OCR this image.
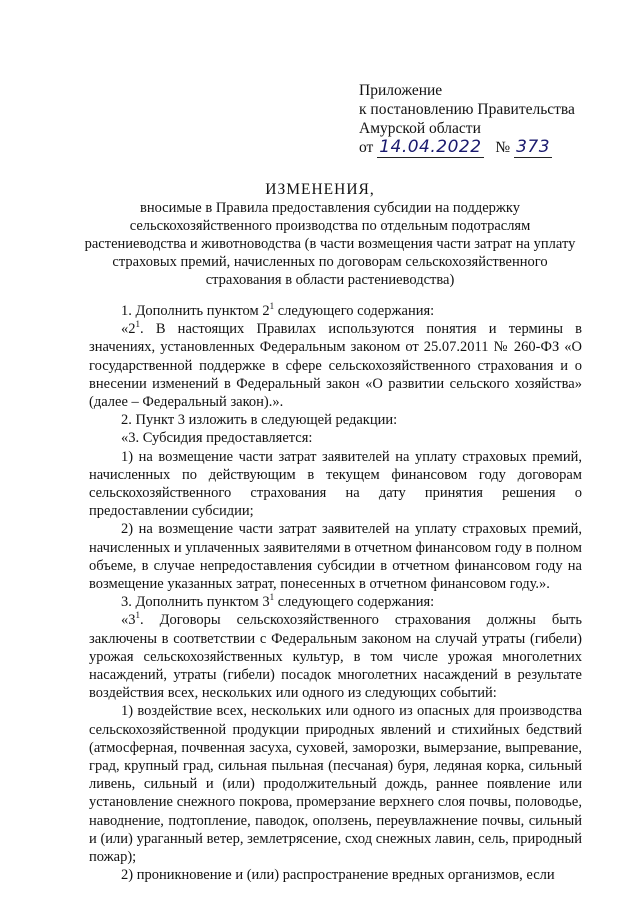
Приложение
к постановлению Правительства
Амурской области
от 14.04.2022 № 373
ИЗМЕНЕНИЯ,
вносимые в Правила предоставления субсидии на поддержку сельскохозяйственного производства по отдельным подотраслям растениеводства и животноводства (в части возмещения части затрат на уплату страховых премий, начисленных по договорам сельскохозяйственного страхования в области растениеводства)

1. Дополнить пунктом $2^1$ следующего содержания:

«$2^1$. В настоящих Правилах используются понятия и термины в значениях, установленных Федеральным законом от 25.07.2011 № 260-ФЗ «О государственной поддержке в сфере сельскохозяйственного страхования и о внесении изменений в Федеральный закон «О развитии сельского хозяйства» (далее – Федеральный закон).».

2. Пункт 3 изложить в следующей редакции:

«3. Субсидия предоставляется:

1) на возмещение части затрат заявителей на уплату страховых премий, начисленных по действующим в текущем финансовом году договорам сельскохозяйственного страхования на дату принятия решения о предоставлении субсидии;

2) на возмещение части затрат заявителей на уплату страховых премий, начисленных и уплаченных заявителями в отчетном финансовом году в полном объеме, в случае непредоставления субсидии в отчетном финансовом году на возмещение указанных затрат, понесенных в отчетном финансовом году.».

3. Дополнить пунктом $3^1$ следующего содержания:

«$3^1$. Договоры сельскохозяйственного страхования должны быть заключены в соответствии с Федеральным законом на случай утраты (гибели) урожая сельскохозяйственных культур, в том числе урожая многолетних насаждений, утраты (гибели) посадок многолетних насаждений в результате воздействия всех, нескольких или одного из следующих событий:

1) воздействие всех, нескольких или одного из опасных для производства сельскохозяйственной продукции природных явлений и стихийных бедствий (атмосферная, почвенная засуха, суховей, заморозки, вымерзание, выпревание, град, крупный град, сильная пыльная (песчаная) буря, ледяная корка, сильный ливень, сильный и (или) продолжительный дождь, раннее появление или установление снежного покрова, промерзание верхнего слоя почвы, половодье, наводнение, подтопление, паводок, оползень, переувлажнение почвы, сильный и (или) ураганный ветер, землетрясение, сход снежных лавин, сель, природный пожар);

2) проникновение и (или) распространение вредных организмов, если
